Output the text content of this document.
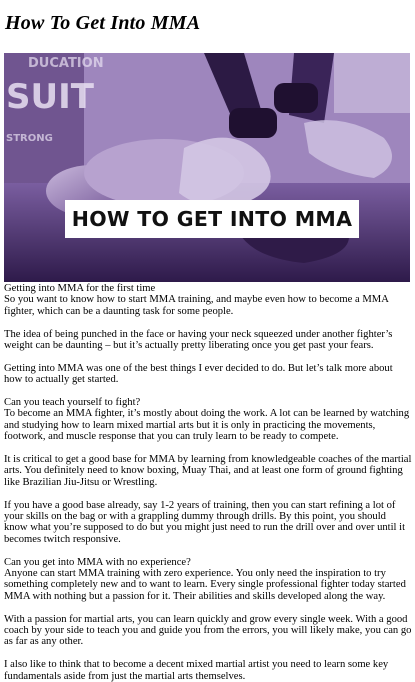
How To Get Into MMA
SUIT
DUCATION
STRONG
HOW TO GET INTO MMA

Getting into MMA for the first time
So you want to know how to start MMA training, and maybe even how to become a MMA fighter, which can be a daunting task for some people.

The idea of being punched in the face or having your neck squeezed under another fighter’s weight can be daunting – but it’s actually pretty liberating once you get past your fears.

Getting into MMA was one of the best things I ever decided to do. But let’s talk more about how to actually get started.

Can you teach yourself to fight?
To become an MMA fighter, it’s mostly about doing the work. A lot can be learned by watching and studying how to learn mixed martial arts but it is only in practicing the movements, footwork, and muscle response that you can truly learn to be ready to compete.

It is critical to get a good base for MMA by learning from knowledgeable coaches of the martial arts. You definitely need to know boxing, Muay Thai, and at least one form of ground fighting like Brazilian Jiu-Jitsu or Wrestling.

If you have a good base already, say 1-2 years of training, then you can start refining a lot of your skills on the bag or with a grappling dummy through drills. By this point, you should know what you’re supposed to do but you might just need to run the drill over and over until it becomes twitch responsive.

Can you get into MMA with no experience?
Anyone can start MMA training with zero experience. You only need the inspiration to try something completely new and to want to learn. Every single professional fighter today started MMA with nothing but a passion for it. Their abilities and skills developed along the way.

With a passion for martial arts, you can learn quickly and grow every single week. With a good coach by your side to teach you and guide you from the errors, you will likely make, you can go as far as any other.

I also like to think that to become a decent mixed martial artist you need to learn some key fundamentals aside from just the martial arts themselves.
